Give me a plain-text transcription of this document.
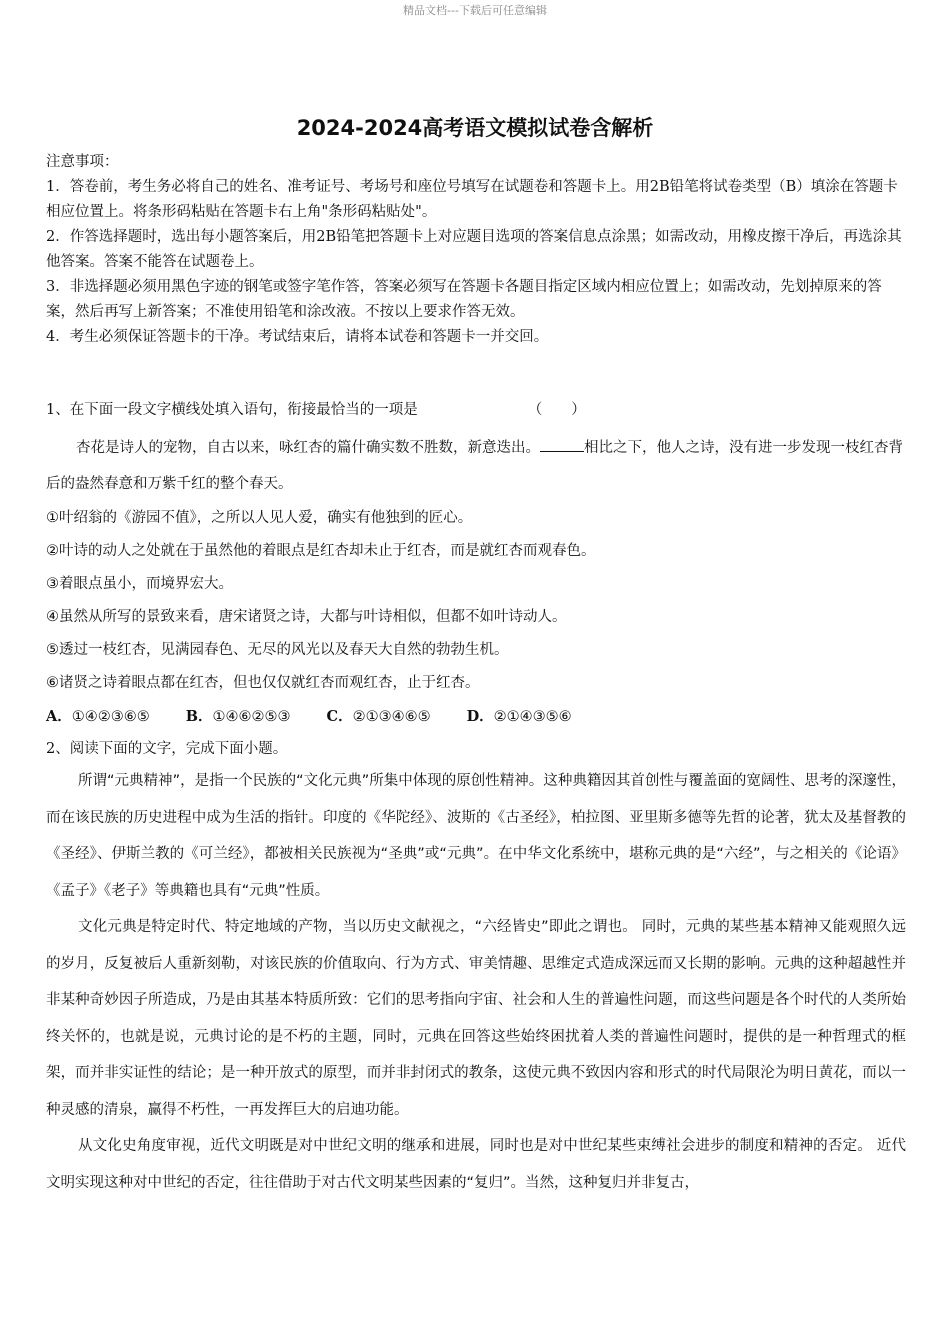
精品文档---下载后可任意编辑
2024-2024高考语文模拟试卷含解析
注意事项：
1．答卷前，考生务必将自己的姓名、准考证号、考场号和座位号填写在试题卷和答题卡上。用2B铅笔将试卷类型（B）填涂在答题卡相应位置上。将条形码粘贴在答题卡右上角"条形码粘贴处"。
2．作答选择题时，选出每小题答案后，用2B铅笔把答题卡上对应题目选项的答案信息点涂黑；如需改动，用橡皮擦干净后，再选涂其他答案。答案不能答在试题卷上。
3．非选择题必须用黑色字迹的钢笔或签字笔作答，答案必须写在答题卡各题目指定区域内相应位置上；如需改动，先划掉原来的答案，然后再写上新答案；不准使用铅笔和涂改液。不按以上要求作答无效。
4．考生必须保证答题卡的干净。考试结束后，请将本试卷和答题卡一并交回。
1、在下面一段文字横线处填入语句，衔接最恰当的一项是	（　　）
杏花是诗人的宠物，自古以来，咏红杏的篇什确实数不胜数，新意迭出。	相比之下，他人之诗，没有进一步发现一枝红杏背后的盎然春意和万紫千红的整个春天。
①叶绍翁的《游园不值》，之所以人见人爱，确实有他独到的匠心。
②叶诗的动人之处就在于虽然他的着眼点是红杏却未止于红杏，而是就红杏而观春色。
③着眼点虽小，而境界宏大。
④虽然从所写的景致来看，唐宋诸贤之诗，大都与叶诗相似，但都不如叶诗动人。
⑤透过一枝红杏，见满园春色、无尽的风光以及春天大自然的勃勃生机。
⑥诸贤之诗着眼点都在红杏，但也仅仅就红杏而观红杏，止于红杏。
A．①④②③⑥⑤ B．①④⑥②⑤③ C．②①③④⑥⑤ D．②①④③⑤⑥
2、阅读下面的文字，完成下面小题。

所谓“元典精神”，是指一个民族的“文化元典”所集中体现的原创性精神。这种典籍因其首创性与覆盖面的宽阔性、思考的深邃性，而在该民族的历史进程中成为生活的指针。印度的《华陀经》、波斯的《古圣经》，柏拉图、亚里斯多德等先哲的论著，犹太及基督教的《圣经》、伊斯兰教的《可兰经》，都被相关民族视为“圣典”或“元典”。在中华文化系统中，堪称元典的是“六经”，与之相关的《论语》《孟子》《老子》等典籍也具有“元典”性质。

文化元典是特定时代、特定地域的产物，当以历史文献视之，“六经皆史”即此之谓也。 同时，元典的某些基本精神又能观照久远的岁月，反复被后人重新刻勒，对该民族的价值取向、行为方式、审美情趣、思维定式造成深远而又长期的影响。元典的这种超越性并非某种奇妙因子所造成，乃是由其基本特质所致：它们的思考指向宇宙、社会和人生的普遍性问题，而这些问题是各个时代的人类所始终关怀的，也就是说，元典讨论的是不朽的主题，同时，元典在回答这些始终困扰着人类的普遍性问题时，提供的是一种哲理式的框架，而并非实证性的结论；是一种开放式的原型，而并非封闭式的教条，这使元典不致因内容和形式的时代局限沦为明日黄花，而以一种灵感的清泉，赢得不朽性，一再发挥巨大的启迪功能。

从文化史角度审视，近代文明既是对中世纪文明的继承和进展，同时也是对中世纪某些束缚社会进步的制度和精神的否定。 近代文明实现这种对中世纪的否定，往往借助于对古代文明某些因素的“复归”。当然，这种复归并非复古，
